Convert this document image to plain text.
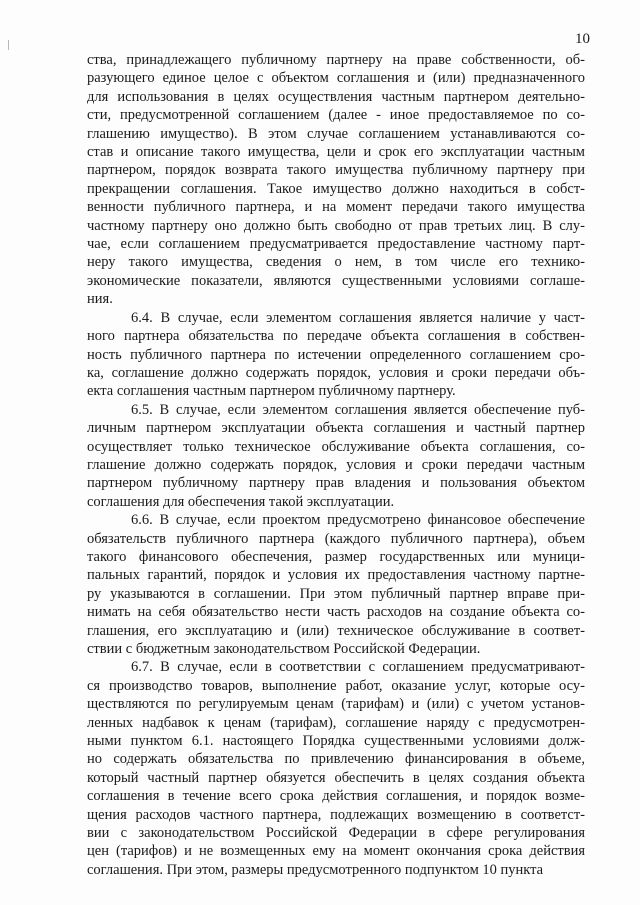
10
ства, принадлежащего публичному партнеру на праве собственности, об-
разующего единое целое с объектом соглашения и (или) предназначенного
для использования в целях осуществления частным партнером деятельно-
сти, предусмотренной соглашением (далее - иное предоставляемое по со-
глашению имущество). В этом случае соглашением устанавливаются со-
став и описание такого имущества, цели и срок его эксплуатации частным
партнером, порядок возврата такого имущества публичному партнеру при
прекращении соглашения. Такое имущество должно находиться в собст-
венности публичного партнера, и на момент передачи такого имущества
частному партнеру оно должно быть свободно от прав третьих лиц. В слу-
чае, если соглашением предусматривается предоставление частному парт-
неру такого имущества, сведения о нем, в том числе его технико-
экономические показатели, являются существенными условиями соглаше-
ния.
6.4. В случае, если элементом соглашения является наличие у част-
ного партнера обязательства по передаче объекта соглашения в собствен-
ность публичного партнера по истечении определенного соглашением сро-
ка, соглашение должно содержать порядок, условия и сроки передачи объ-
екта соглашения частным партнером публичному партнеру.
6.5. В случае, если элементом соглашения является обеспечение пуб-
личным партнером эксплуатации объекта соглашения и частный партнер
осуществляет только техническое обслуживание объекта соглашения, со-
глашение должно содержать порядок, условия и сроки передачи частным
партнером публичному партнеру прав владения и пользования объектом
соглашения для обеспечения такой эксплуатации.
6.6. В случае, если проектом предусмотрено финансовое обеспечение
обязательств публичного партнера (каждого публичного партнера), объем
такого финансового обеспечения, размер государственных или муници-
пальных гарантий, порядок и условия их предоставления частному партне-
ру указываются в соглашении. При этом публичный партнер вправе при-
нимать на себя обязательство нести часть расходов на создание объекта со-
глашения, его эксплуатацию и (или) техническое обслуживание в соответ-
ствии с бюджетным законодательством Российской Федерации.
6.7. В случае, если в соответствии с соглашением предусматривают-
ся производство товаров, выполнение работ, оказание услуг, которые осу-
ществляются по регулируемым ценам (тарифам) и (или) с учетом установ-
ленных надбавок к ценам (тарифам), соглашение наряду с предусмотрен-
ными пунктом 6.1. настоящего Порядка существенными условиями долж-
но содержать обязательства по привлечению финансирования в объеме,
который частный партнер обязуется обеспечить в целях создания объекта
соглашения в течение всего срока действия соглашения, и порядок возме-
щения расходов частного партнера, подлежащих возмещению в соответст-
вии с законодательством Российской Федерации в сфере регулирования
цен (тарифов) и не возмещенных ему на момент окончания срока действия
соглашения. При этом, размеры предусмотренного подпунктом 10 пункта
